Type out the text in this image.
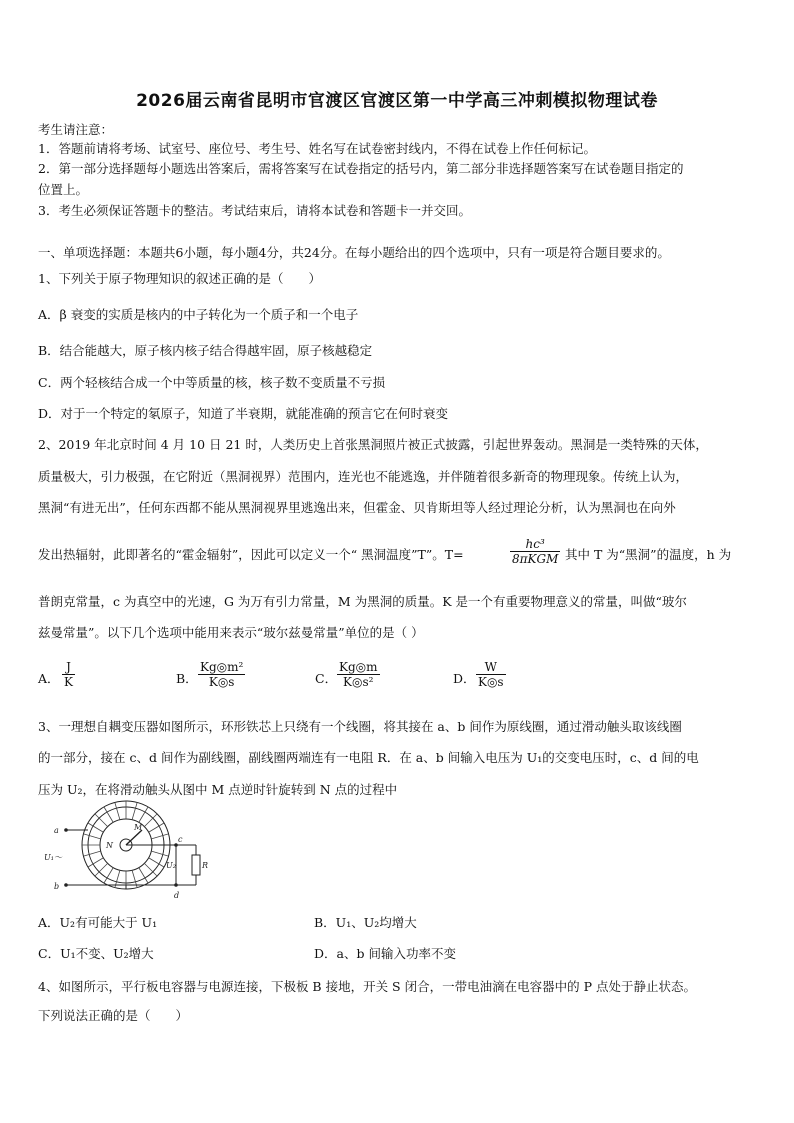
2026届云南省昆明市官渡区官渡区第一中学高三冲刺模拟物理试卷
考生请注意：
1．答题前请将考场、试室号、座位号、考生号、姓名写在试卷密封线内，不得在试卷上作任何标记。
2．第一部分选择题每小题选出答案后，需将答案写在试卷指定的括号内，第二部分非选择题答案写在试卷题目指定的
位置上。
3．考生必须保证答题卡的整洁。考试结束后，请将本试卷和答题卡一并交回。
一、单项选择题：本题共6小题，每小题4分，共24分。在每小题给出的四个选项中，只有一项是符合题目要求的。
1、下列关于原子物理知识的叙述正确的是（　　）
A．β 衰变的实质是核内的中子转化为一个质子和一个电子
B．结合能越大，原子核内核子结合得越牢固，原子核越稳定
C．两个轻核结合成一个中等质量的核，核子数不变质量不亏损
D．对于一个特定的氡原子，知道了半衰期，就能准确的预言它在何时衰变
2、2019 年北京时间 4 月 10 日 21 时，人类历史上首张黑洞照片被正式披露，引起世界轰动。黑洞是一类特殊的天体，
质量极大，引力极强，在它附近（黑洞视界）范围内，连光也不能逃逸，并伴随着很多新奇的物理现象。传统上认为，
黑洞“有进无出”，任何东西都不能从黑洞视界里逃逸出来，但霍金、贝肯斯坦等人经过理论分析，认为黑洞也在向外
发出热辐射，此即著名的“霍金辐射”，因此可以定义一个“ 黑洞温度”T”。T=
hc³
8πKGM 其中 T 为“黑洞”的温度，h 为
普朗克常量，c 为真空中的光速，G 为万有引力常量，M 为黑洞的质量。K 是一个有重要物理意义的常量，叫做“玻尔
兹曼常量”。以下几个选项中能用来表示“玻尔兹曼常量”单位的是（ ）
A． $\frac{J}{K}$	B． $\frac{\text{Kg◎m²}}{K◎s}$	C． $\frac{Kg◎m}{\text{K◎s²}}$	D． $\frac{W}{K◎s}$
3、一理想自耦变压器如图所示，环形铁芯上只绕有一个线圈，将其接在 a、b 间作为原线圈，通过滑动触头取该线圈
的一部分，接在 c、d 间作为副线圈，副线圈两端连有一电阻 R．在 a、b 间输入电压为 U₁的交变电压时，c、d 间的电
压为 U₂，在将滑动触头从图中 M 点逆时针旋转到 N 点的过程中
a
b
c
d
M
N
U₁～
U₂	R
A．U₂有可能大于 U₁	B．U₁、U₂均增大
C．U₁不变、U₂增大	D．a、b 间输入功率不变
4、如图所示，平行板电容器与电源连接，下极板 B 接地，开关 S 闭合，一带电油滴在电容器中的 P 点处于静止状态。
下列说法正确的是（　　）
